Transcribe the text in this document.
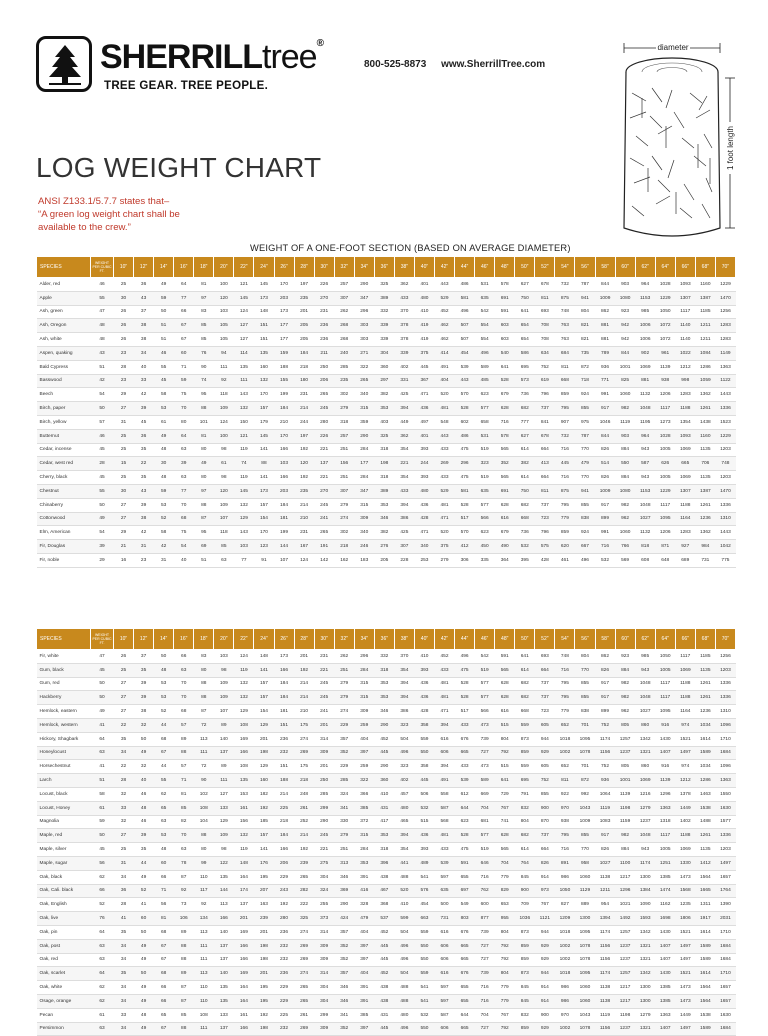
SHERRILLtree®
TREE GEAR. TREE PEOPLE.
800-525-8873 www.SherrillTree.com
diameter
1 foot length
LOG WEIGHT CHART
ANSI Z133.1/5.7.7 states that–
“A green log weight chart shall be
available to the crew.”
WEIGHT OF A ONE-FOOT SECTION (BASED ON AVERAGE DIAMETER)
SPECIES	WEIGHT PER CUBIC FT.	10"	12"	14"	16"	18"	20"	22"	24"	26"	28"	30"	32"	34"	36"	38"	40"	42"	44"	46"	48"	50"	52"	54"	56"	58"	60"	62"	64"	66"	68"	70"
Alder, red	46	25	36	49	64	81	100	121	145	170	197	226	257	290	325	362	401	443	486	531	578	627	678	732	787	844	903	964	1028	1093	1160	1229
Apple	55	30	43	59	77	97	120	145	173	203	235	270	307	347	389	433	480	529	581	635	691	750	811	875	941	1009	1080	1153	1229	1307	1387	1470
Ash, green	47	26	37	50	66	83	103	124	148	173	201	231	262	296	332	370	410	452	496	542	591	641	693	748	804	862	923	985	1050	1117	1185	1256
Ash, Oregon	48	26	38	51	67	85	105	127	151	177	205	236	268	303	339	378	419	462	507	554	603	654	708	763	821	881	942	1006	1072	1140	1211	1283
Ash, white	48	26	38	51	67	85	105	127	151	177	205	236	268	303	339	378	419	462	507	554	603	654	708	763	821	881	942	1006	1072	1140	1211	1283
Aspen, quaking	43	23	34	46	60	76	94	114	135	159	184	211	240	271	304	339	375	414	454	496	540	586	634	684	735	789	844	902	961	1022	1084	1149
Bald Cypress	51	28	40	55	71	90	111	135	160	188	218	250	285	322	360	402	445	491	539	589	641	695	752	811	872	936	1001	1069	1139	1212	1286	1363
Basswood	42	23	33	45	59	74	92	111	132	155	180	206	235	265	297	331	367	404	443	485	528	573	619	668	718	771	825	881	938	998	1059	1122
Beech	54	29	42	58	75	95	118	143	170	199	231	265	302	340	382	425	471	520	570	623	679	736	796	859	924	991	1060	1132	1206	1283	1362	1443
Birch, paper	50	27	39	53	70	88	109	132	157	184	214	245	279	315	353	394	436	481	528	577	628	682	737	795	855	917	982	1048	1117	1188	1261	1336
Birch, yellow	57	31	45	61	80	101	124	150	179	210	244	280	318	359	403	449	497	548	602	658	716	777	841	907	975	1046	1119	1195	1273	1354	1438	1523
Butternut	46	25	36	49	64	81	100	121	145	170	197	226	257	290	325	362	401	443	486	531	578	627	678	732	787	844	903	964	1028	1093	1160	1229
Cedar, incense	45	25	35	48	63	80	98	119	141	166	192	221	251	284	318	354	393	433	475	519	565	614	664	716	770	826	884	943	1005	1069	1135	1203
Cedar, west red	28	15	22	30	39	49	61	74	88	103	120	137	156	177	198	221	244	269	296	323	352	382	413	445	479	514	550	587	626	665	706	748
Cherry, black	45	25	35	48	63	80	98	119	141	166	192	221	251	284	318	354	393	433	475	519	565	614	664	716	770	826	884	943	1005	1069	1135	1203
Chestnut	55	30	43	59	77	97	120	145	173	203	235	270	307	347	389	433	480	529	581	635	691	750	811	875	941	1009	1080	1153	1229	1307	1387	1470
Chinaberry	50	27	39	53	70	88	109	132	157	184	214	245	279	315	353	394	436	481	528	577	628	682	737	795	855	917	982	1048	1117	1188	1261	1336
Cottonwood	49	27	38	52	68	87	107	129	154	181	210	241	274	309	346	386	428	471	517	566	616	668	723	779	838	899	962	1027	1095	1164	1236	1310
Elm, American	54	29	42	58	75	95	118	143	170	199	231	265	302	340	382	425	471	520	570	623	679	736	796	859	924	991	1060	1132	1206	1283	1362	1443
Fir, Douglas	39	21	31	42	54	69	85	103	123	144	167	191	218	246	276	307	340	375	412	450	490	532	575	620	667	716	766	818	871	927	984	1042
Fir, noble	29	16	23	31	40	51	63	77	91	107	124	142	162	183	205	228	253	279	306	335	364	395	428	461	496	532	569	608	648	689	731	775
SPECIES	WEIGHT PER CUBIC FT.	10"	12"	14"	16"	18"	20"	22"	24"	26"	28"	30"	32"	34"	36"	38"	40"	42"	44"	46"	48"	50"	52"	54"	56"	58"	60"	62"	64"	66"	68"	70"
Fir, white	47	26	37	50	66	83	103	124	148	173	201	231	262	296	332	370	410	452	496	542	591	641	693	748	804	862	923	985	1050	1117	1185	1256
Gum, black	45	25	35	48	63	80	98	119	141	166	192	221	251	284	318	354	393	433	475	519	565	614	664	716	770	826	884	943	1005	1069	1135	1203
Gum, red	50	27	39	53	70	88	109	132	157	184	214	245	279	315	353	394	436	481	528	577	628	682	737	795	855	917	982	1048	1117	1188	1261	1336
Hackberry	50	27	39	53	70	88	109	132	157	184	214	245	279	315	353	394	436	481	528	577	628	682	737	795	855	917	982	1048	1117	1188	1261	1336
Hemlock, eastern	49	27	38	52	68	87	107	129	154	181	210	241	274	309	346	386	428	471	517	566	616	668	723	779	838	899	962	1027	1095	1164	1236	1310
Hemlock, western	41	22	32	44	57	72	89	108	129	151	175	201	229	259	290	323	358	394	433	473	515	559	605	652	701	752	805	860	916	974	1034	1096
Hickory, Shagbark	64	35	50	68	89	113	140	169	201	236	274	314	357	404	452	504	559	616	676	739	804	873	944	1018	1095	1174	1257	1342	1430	1521	1614	1710
Honeylocust	63	34	49	67	88	111	137	166	198	232	269	309	352	397	445	496	550	606	665	727	792	859	929	1002	1078	1156	1237	1321	1407	1497	1589	1684
Horsechestnut	41	22	32	44	57	72	89	108	129	151	175	201	229	259	290	323	358	394	433	473	515	559	605	652	701	752	805	860	916	974	1034	1096
Larch	51	28	40	55	71	90	111	135	160	188	218	250	285	322	360	402	445	491	539	589	641	695	752	811	872	936	1001	1069	1139	1212	1286	1363
Locust, black	58	32	46	62	81	102	127	153	182	214	248	285	324	366	410	457	506	558	612	669	729	791	855	922	992	1064	1139	1216	1296	1378	1463	1550
Locust, Honey	61	33	48	65	85	108	133	161	192	225	261	299	341	385	431	480	532	587	644	704	767	832	900	970	1043	1119	1198	1279	1363	1449	1538	1630
Magnolia	59	32	46	63	82	104	129	156	185	218	252	290	330	372	417	465	515	568	623	681	741	804	870	938	1009	1083	1159	1237	1318	1402	1488	1577
Maple, red	50	27	39	53	70	88	109	132	157	184	214	245	279	315	353	394	436	481	528	577	628	682	737	795	855	917	982	1048	1117	1188	1261	1336
Maple, silver	45	25	35	48	63	80	98	119	141	166	192	221	251	284	318	354	393	433	475	519	565	614	664	716	770	826	884	943	1005	1069	1135	1203
Maple, sugar	56	31	44	60	78	99	122	148	176	206	239	275	313	353	396	441	489	539	591	646	704	764	826	891	958	1027	1100	1174	1251	1330	1412	1497
Oak, black	62	34	49	66	87	110	135	164	195	229	265	304	346	391	438	488	541	597	655	716	779	845	914	986	1060	1138	1217	1300	1385	1473	1564	1657
Oak, Cali. black	66	36	52	71	92	117	144	174	207	243	282	324	369	416	467	520	576	635	697	762	829	900	973	1050	1129	1211	1296	1384	1474	1568	1665	1764
Oak, English	52	28	41	56	73	92	113	137	163	192	222	255	290	328	368	410	454	500	549	600	653	709	767	827	889	954	1021	1090	1162	1235	1311	1390
Oak, live	76	41	60	81	106	134	166	201	239	280	325	373	424	479	537	599	663	731	803	877	955	1036	1121	1209	1300	1394	1492	1593	1698	1806	1917	2031
Oak, pin	64	35	50	68	89	113	140	169	201	236	274	314	357	404	452	504	559	616	676	739	804	873	944	1018	1095	1174	1257	1342	1430	1521	1614	1710
Oak, post	63	34	49	67	88	111	137	166	198	232	269	309	352	397	445	496	550	606	665	727	792	859	929	1002	1078	1156	1237	1321	1407	1497	1589	1684
Oak, red	63	34	49	67	88	111	137	166	198	232	269	309	352	397	445	496	550	606	665	727	792	859	929	1002	1078	1156	1237	1321	1407	1497	1589	1684
Oak, scarlet	64	35	50	68	89	113	140	169	201	236	274	314	357	404	452	504	559	616	676	739	804	873	944	1018	1095	1174	1257	1342	1430	1521	1614	1710
Oak, white	62	34	49	66	87	110	135	164	195	229	265	304	346	391	438	488	541	597	655	716	779	845	914	986	1060	1138	1217	1300	1385	1473	1564	1657
Osage, orange	62	34	49	66	87	110	135	164	195	229	265	304	346	391	438	488	541	597	655	716	779	845	914	986	1060	1138	1217	1300	1385	1473	1564	1657
Pecan	61	33	48	65	85	108	133	161	192	225	261	299	341	385	431	480	532	587	644	704	767	832	900	970	1043	1119	1198	1279	1363	1449	1538	1630
Persimmon	63	34	49	67	88	111	137	166	198	232	269	309	352	397	445	496	550	606	665	727	792	859	929	1002	1078	1156	1237	1321	1407	1497	1589	1684
